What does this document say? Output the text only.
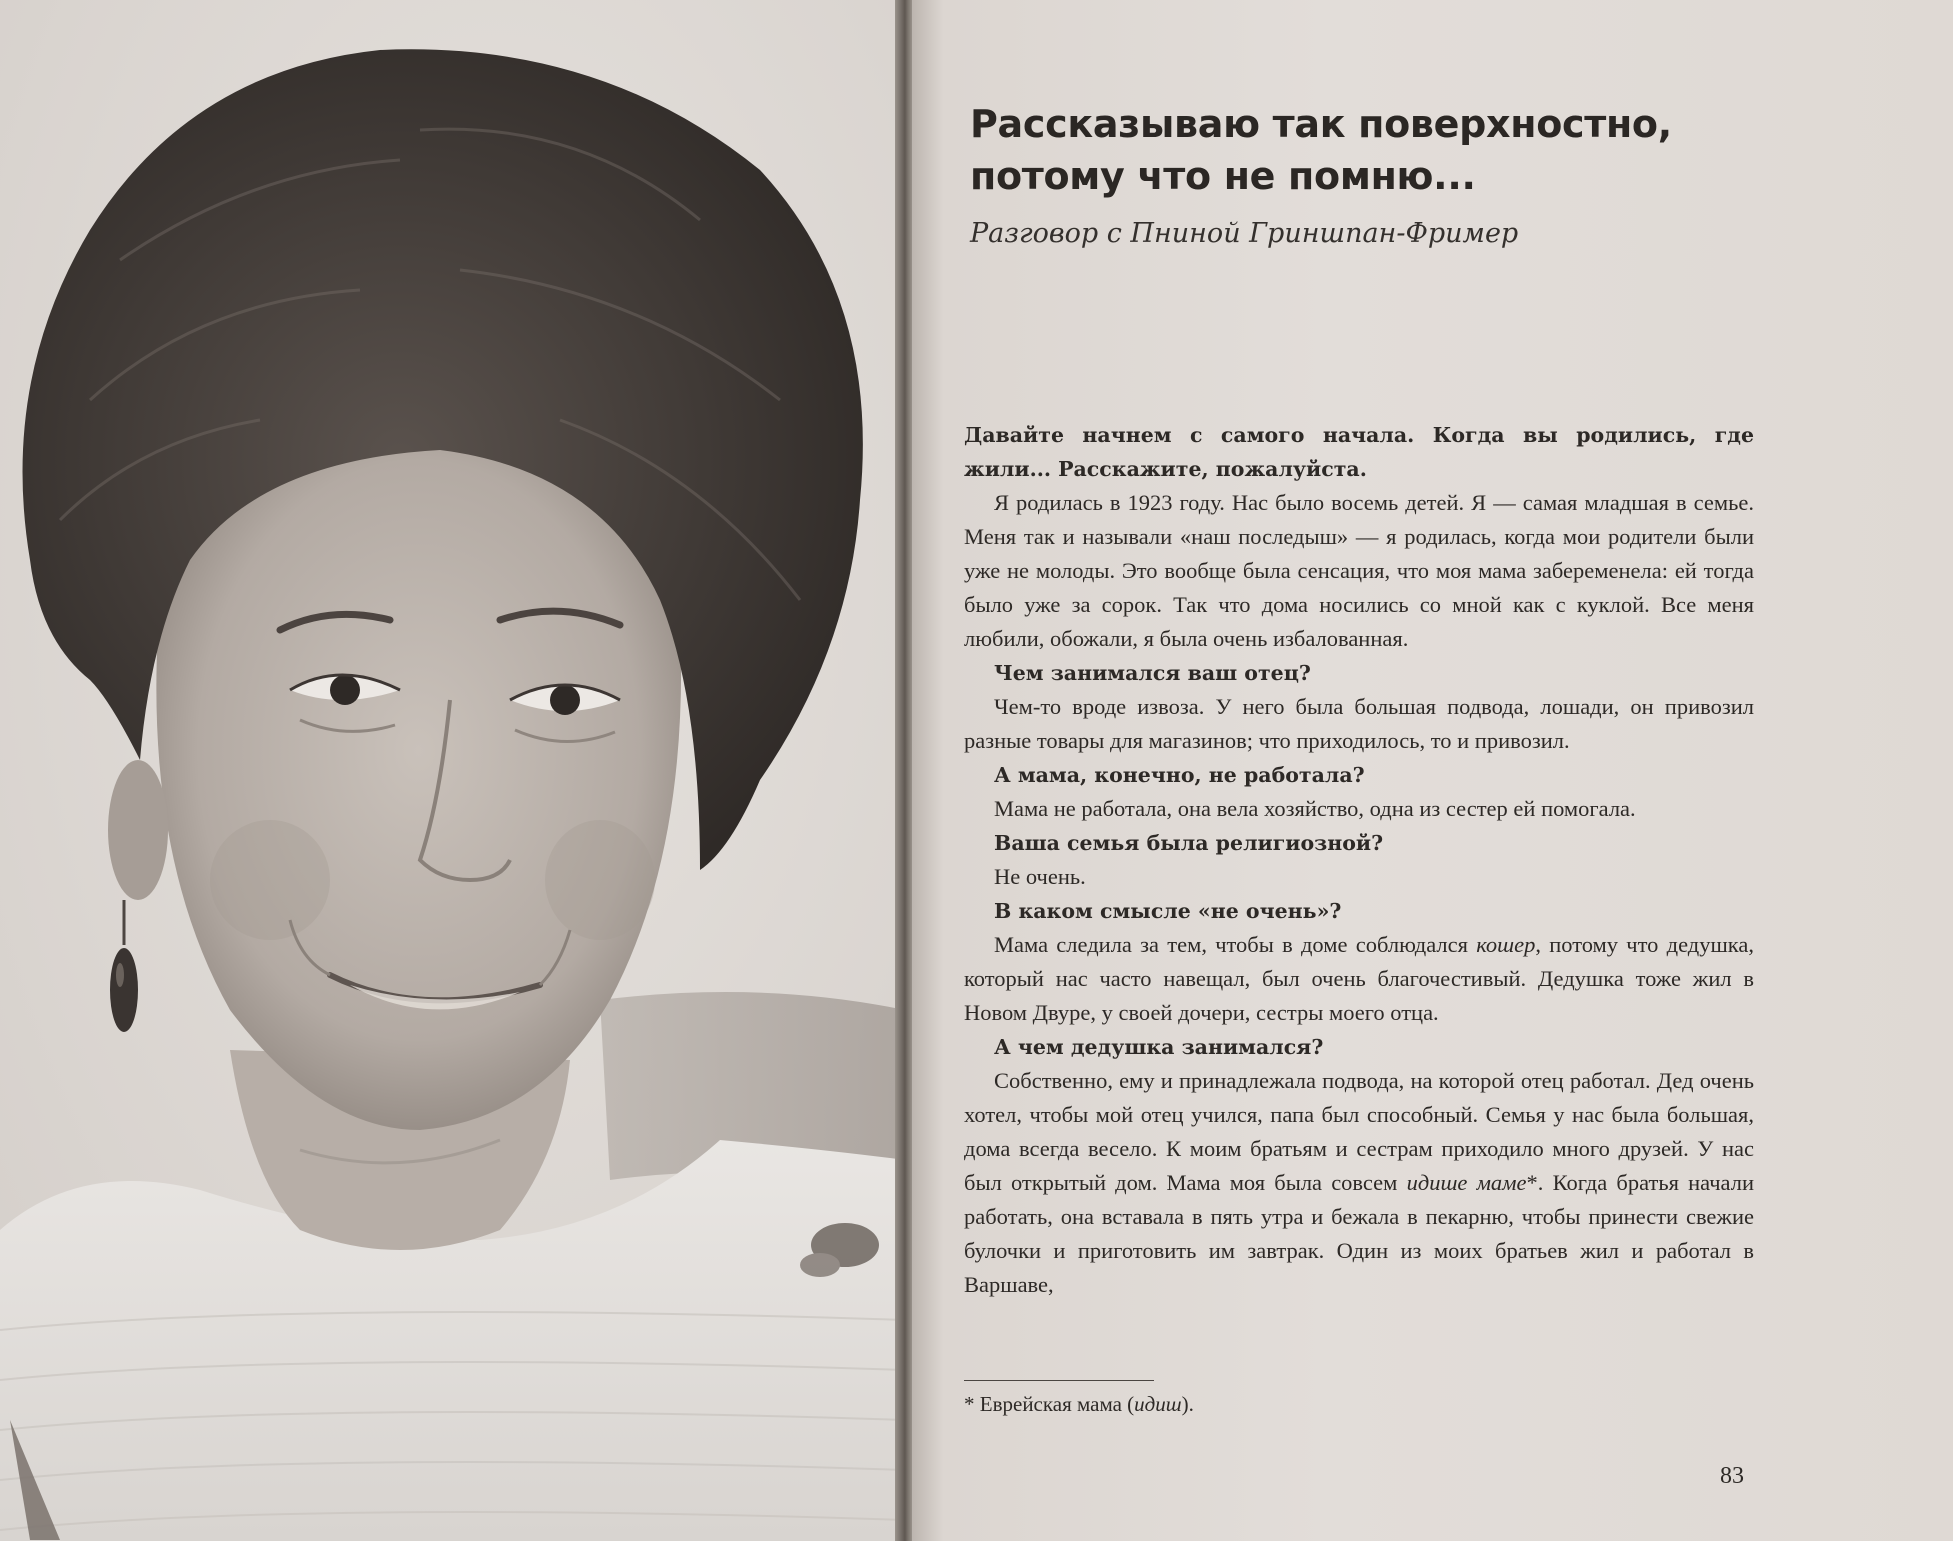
Рассказываю так поверхностно,
потому что не помню...

Разговор с Пниной Гриншпан-Фример

Давайте начнем с самого начала. Когда вы родились, где жили... Расскажите, пожалуйста.

Я родилась в 1923 году. Нас было восемь детей. Я — самая младшая в семье. Меня так и называли «наш последыш» — я родилась, когда мои родители были уже не молоды. Это вообще была сенсация, что моя мама забеременела: ей тогда было уже за сорок. Так что дома носились со мной как с куклой. Все меня любили, обожали, я была очень избалованная.

Чем занимался ваш отец?

Чем-то вроде извоза. У него была большая подвода, лошади, он привозил разные товары для магазинов; что приходилось, то и привозил.

А мама, конечно, не работала?

Мама не работала, она вела хозяйство, одна из сестер ей помогала.

Ваша семья была религиозной?

Не очень.

В каком смысле «не очень»?

Мама следила за тем, чтобы в доме соблюдался кошер, потому что дедушка, который нас часто навещал, был очень благочестивый. Дедушка тоже жил в Новом Двуре, у своей дочери, сестры моего отца.

А чем дедушка занимался?

Собственно, ему и принадлежала подвода, на которой отец работал. Дед очень хотел, чтобы мой отец учился, папа был способный. Семья у нас была большая, дома всегда весело. К моим братьям и сестрам приходило много друзей. У нас был открытый дом. Мама моя была совсем идише маме*. Когда братья начали работать, она вставала в пять утра и бежала в пекарню, чтобы принести свежие булочки и приготовить им завтрак. Один из моих братьев жил и работал в Варшаве,

* Еврейская мама (идиш).
83
